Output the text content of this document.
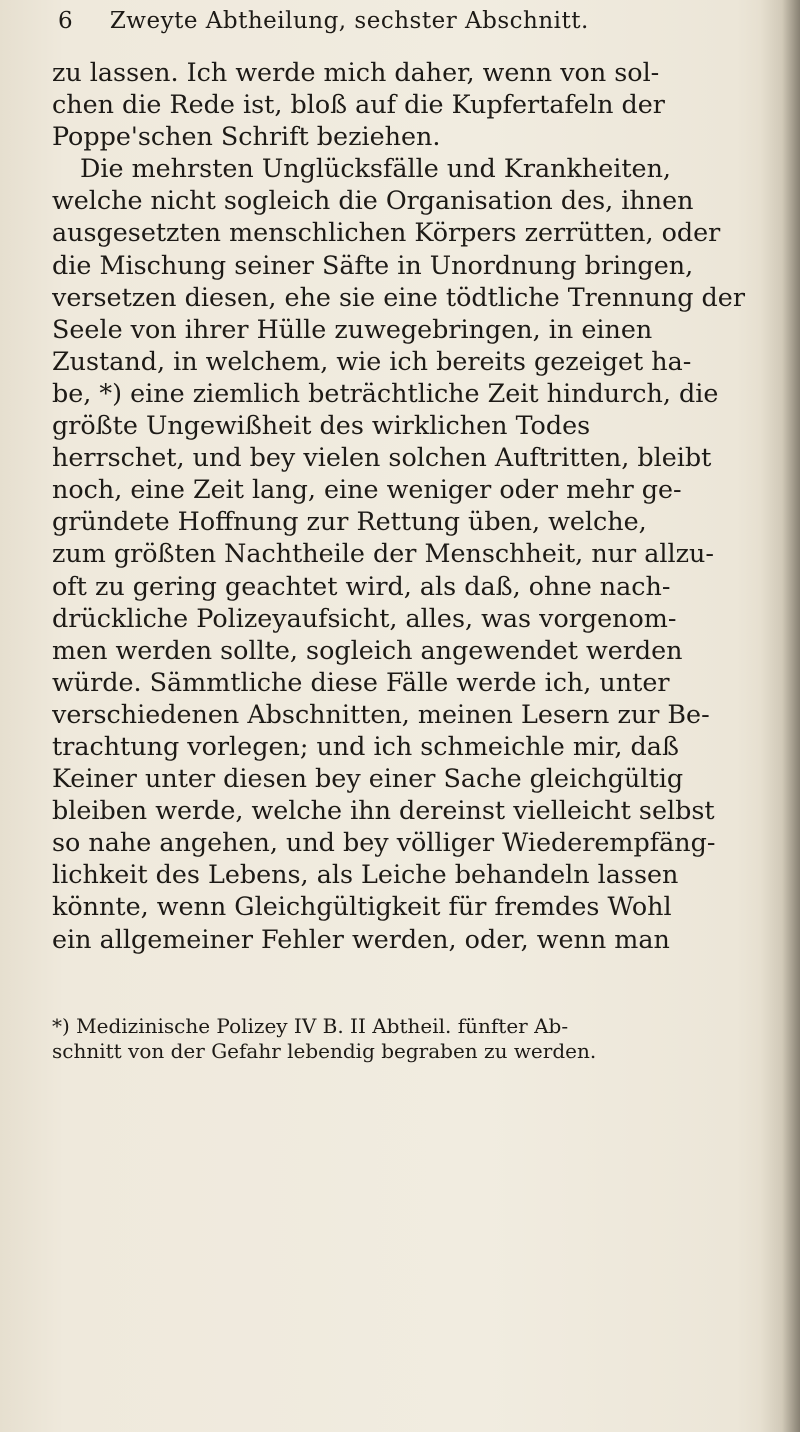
6 Zweyte Abtheilung, sechster Abschnitt.
zu lassen. Ich werde mich daher, wenn von sol-
chen die Rede ist, bloß auf die Kupfertafeln der
Poppe'schen Schrift beziehen.
Die mehrsten Unglücksfälle und Krankheiten,
welche nicht sogleich die Organisation des, ihnen
ausgesetzten menschlichen Körpers zerrütten, oder
die Mischung seiner Säfte in Unordnung bringen,
versetzen diesen, ehe sie eine tödtliche Trennung der
Seele von ihrer Hülle zuwegebringen, in einen
Zustand, in welchem, wie ich bereits gezeiget ha-
be, *) eine ziemlich beträchtliche Zeit hindurch, die
größte Ungewißheit des wirklichen Todes
herrschet, und bey vielen solchen Auftritten, bleibt
noch, eine Zeit lang, eine weniger oder mehr ge-
gründete Hoffnung zur Rettung üben, welche,
zum größten Nachtheile der Menschheit, nur allzu-
oft zu gering geachtet wird, als daß, ohne nach-
drückliche Polizeyaufsicht, alles, was vorgenom-
men werden sollte, sogleich angewendet werden
würde. Sämmtliche diese Fälle werde ich, unter
verschiedenen Abschnitten, meinen Lesern zur Be-
trachtung vorlegen; und ich schmeichle mir, daß
Keiner unter diesen bey einer Sache gleichgültig
bleiben werde, welche ihn dereinst vielleicht selbst
so nahe angehen, und bey völliger Wiederempfäng-
lichkeit des Lebens, als Leiche behandeln lassen
könnte, wenn Gleichgültigkeit für fremdes Wohl
ein allgemeiner Fehler werden, oder, wenn man
*) Medizinische Polizey IV B. II Abtheil. fünfter Ab-
schnitt von der Gefahr lebendig begraben zu werden.
